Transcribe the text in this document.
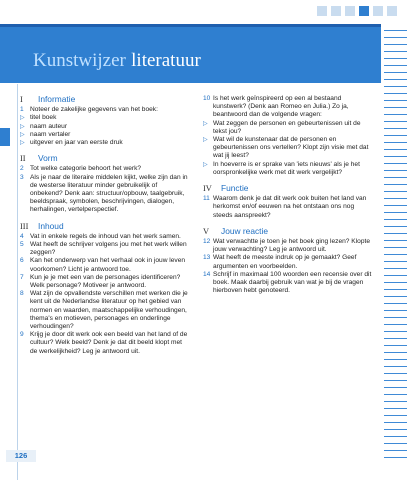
Kunstwijzer literatuur
I Informatie
1 Noteer de zakelijke gegevens van het boek:
▷ titel boek
▷ naam auteur
▷ naam vertaler
▷ uitgever en jaar van eerste druk
II Vorm
2 Tot welke categorie behoort het werk?
3 Als je naar de literaire middelen kijkt, welke zijn dan in de westerse literatuur minder gebruikelijk of onbekend? Denk aan: structuur/opbouw, taalgebruik, beeldspraak, symbolen, beschrijvingen, dialogen, herhalingen, vertelperspectief.
III Inhoud
4 Vat in enkele regels de inhoud van het werk samen.
5 Wat heeft de schrijver volgens jou met het werk willen zeggen?
6 Kan het onderwerp van het verhaal ook in jouw leven voorkomen? Licht je antwoord toe.
7 Kun je je met een van de personages identificeren? Welk personage? Motiveer je antwoord.
8 Wat zijn de opvallendste verschillen met werken die je kent uit de Nederlandse literatuur op het gebied van normen en waarden, maatschappelijke verhoudingen, thema's en motieven, personages en onderlinge verhoudingen?
9 Krijg je door dit werk ook een beeld van het land of de cultuur? Welk beeld? Denk je dat dit beeld klopt met de werkelijkheid? Leg je antwoord uit.
10 Is het werk geïnspireerd op een al bestaand kunstwerk? (Denk aan Romeo en Julia.) Zo ja, beantwoord dan de volgende vragen:
▷ Wat zeggen de personen en gebeurtenissen uit de tekst jou?
▷ Wat wil de kunstenaar dat de personen en gebeurtenissen ons vertellen? Klopt zijn visie met dat wat jij leest?
▷ In hoeverre is er sprake van 'iets nieuws' als je het oorspronkelijke werk met dit werk vergelijkt?
IV Functie
11 Waarom denk je dat dit werk ook buiten het land van herkomst en/of eeuwen na het ontstaan ons nog steeds aanspreekt?
V Jouw reactie
12 Wat verwachtte je toen je het boek ging lezen? Klopte jouw verwachting? Leg je antwoord uit.
13 Wat heeft de meeste indruk op je gemaakt? Geef argumenten en voorbeelden.
14 Schrijf in maximaal 100 woorden een recensie over dit boek. Maak daarbij gebruik van wat je bij de vragen hierboven hebt genoteerd.
126
